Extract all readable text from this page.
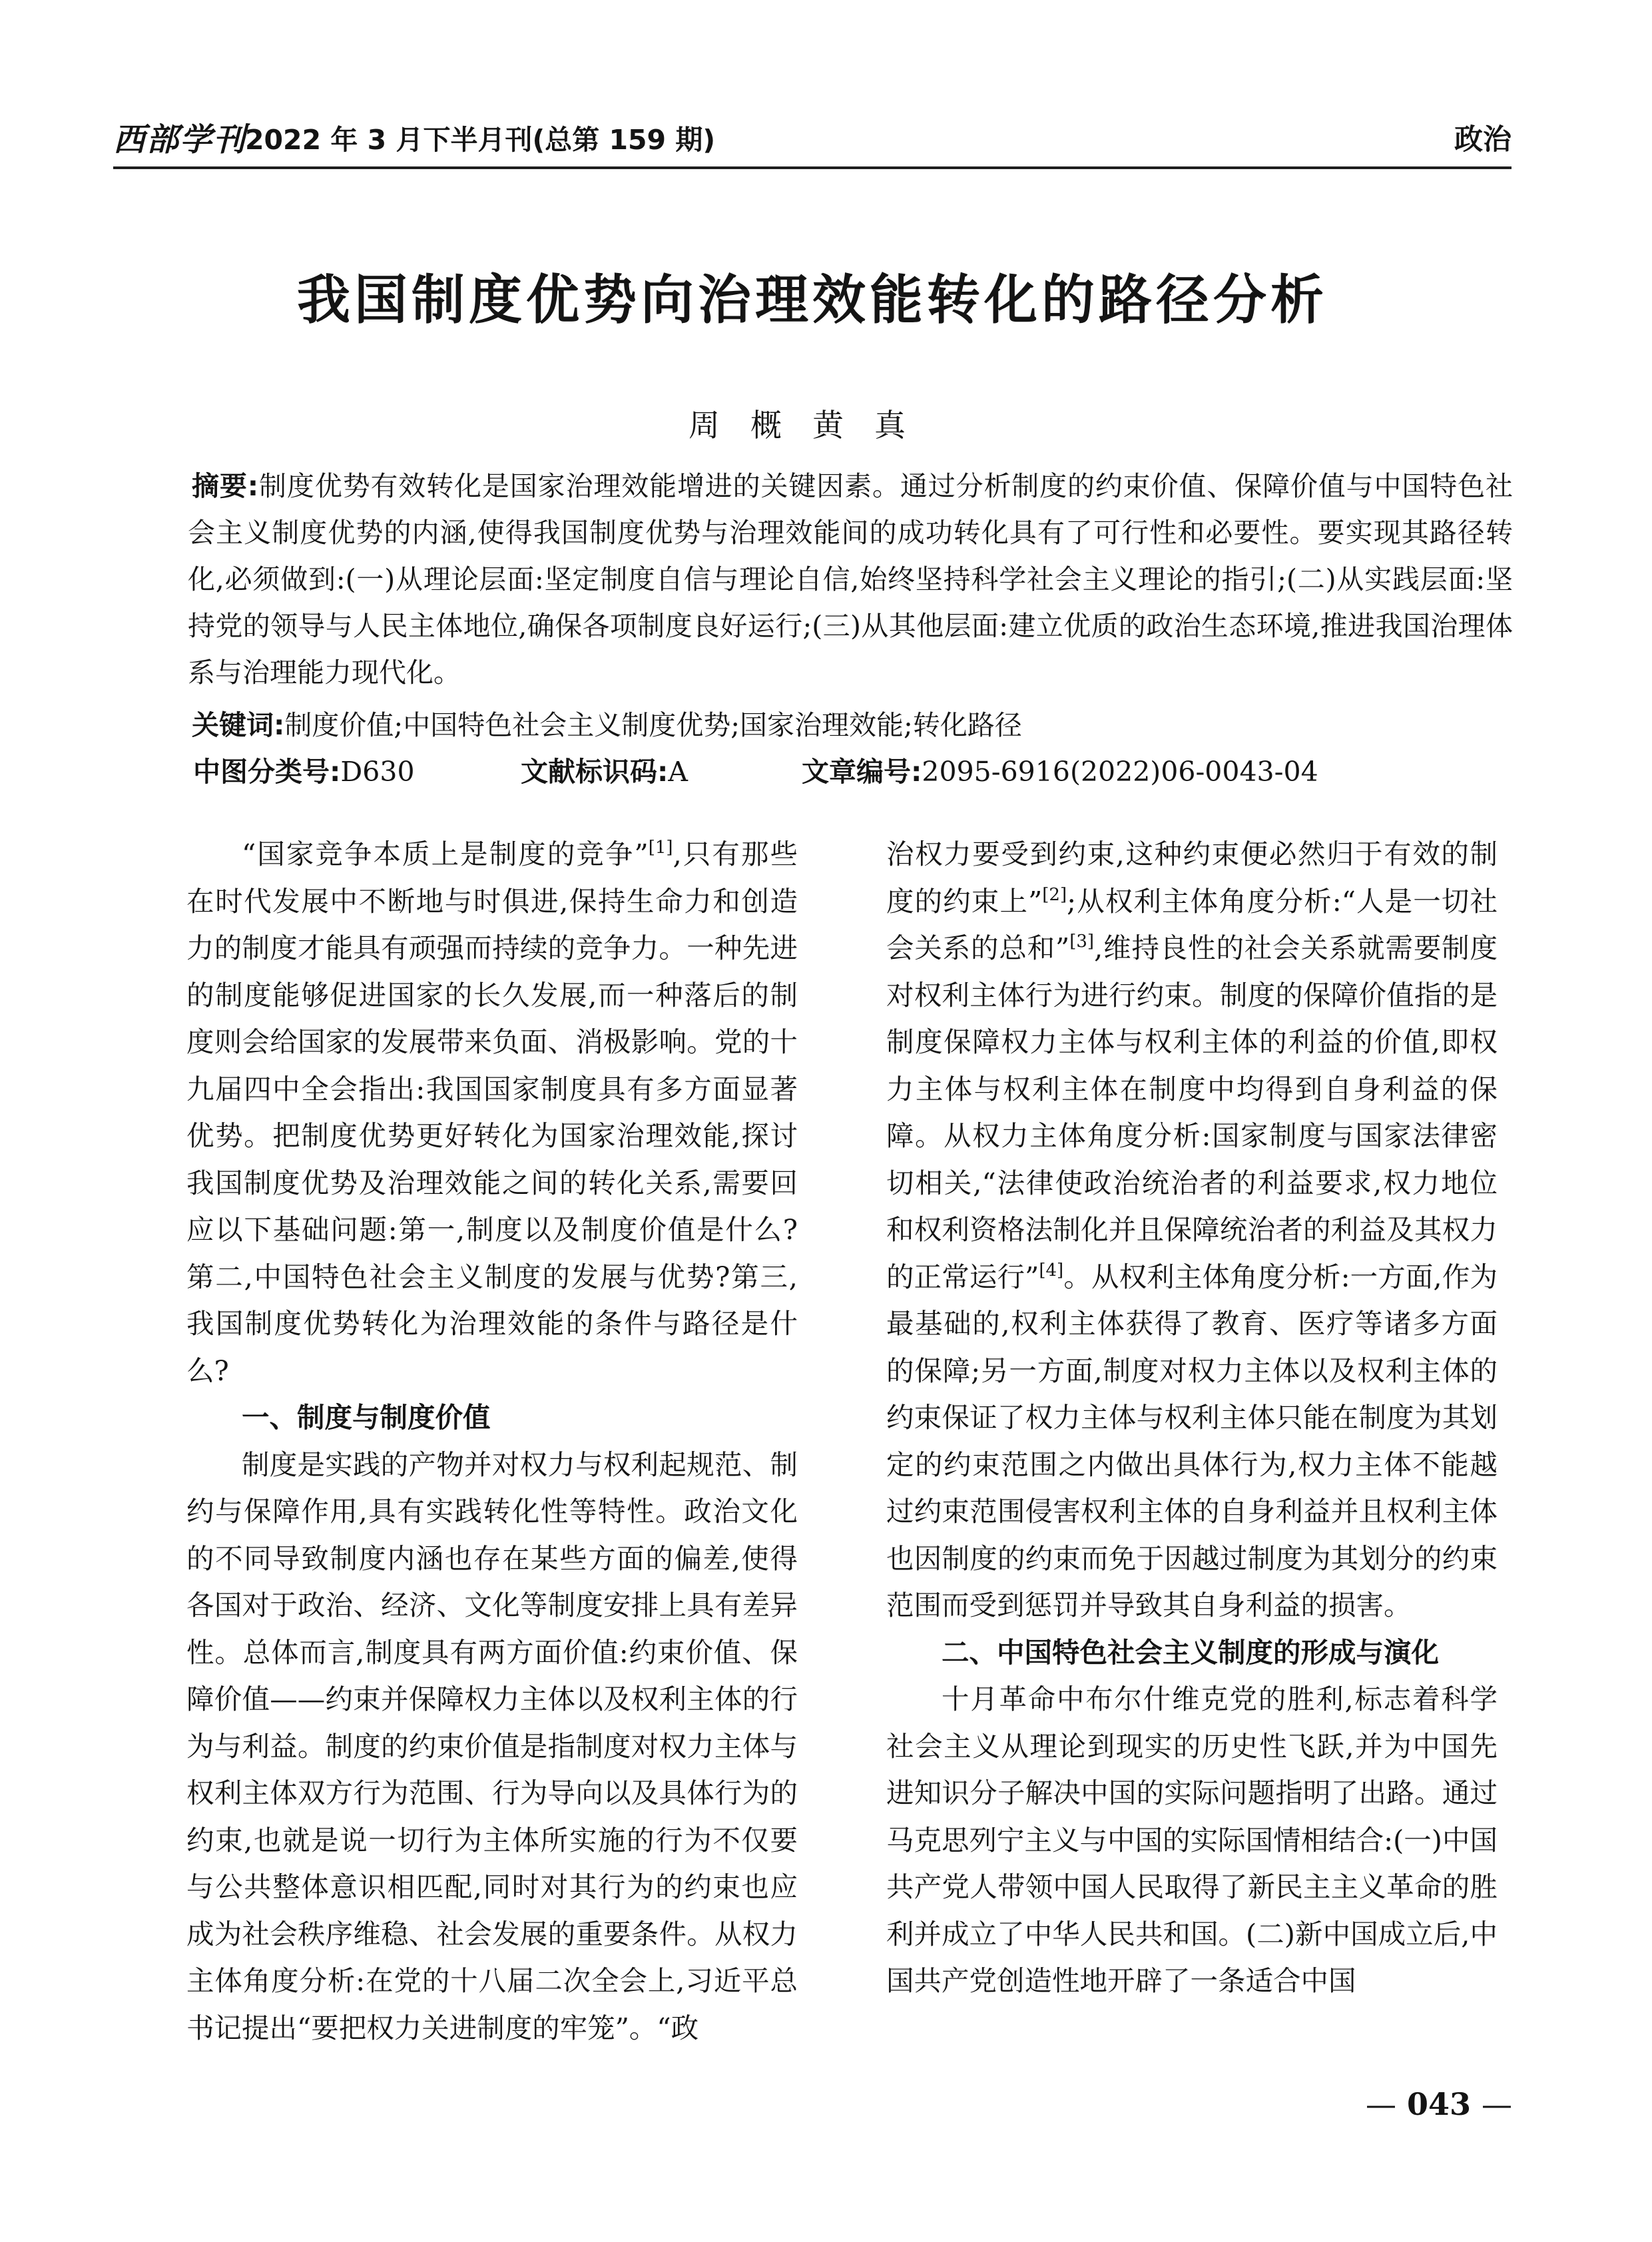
西部学刊
2022 年 3 月下半月刊(总第 159 期)	政治
我国制度优势向治理效能转化的路径分析
周概黄真
摘要:制度优势有效转化是国家治理效能增进的关键因素。通过分析制度的约束价值、保障价值与中国特色社会主义制度优势的内涵,使得我国制度优势与治理效能间的成功转化具有了可行性和必要性。要实现其路径转化,必须做到:(一)从理论层面:坚定制度自信与理论自信,始终坚持科学社会主义理论的指引;(二)从实践层面:坚持党的领导与人民主体地位,确保各项制度良好运行;(三)从其他层面:建立优质的政治生态环境,推进我国治理体系与治理能力现代化。
关键词:制度价值;中国特色社会主义制度优势;国家治理效能;转化路径
中图分类号:D630	文献标识码:A	文章编号:2095-6916(2022)06-0043-04

“国家竞争本质上是制度的竞争”[1],只有那些在时代发展中不断地与时俱进,保持生命力和创造力的制度才能具有顽强而持续的竞争力。一种先进的制度能够促进国家的长久发展,而一种落后的制度则会给国家的发展带来负面、消极影响。党的十九届四中全会指出:我国国家制度具有多方面显著优势。把制度优势更好转化为国家治理效能,探讨我国制度优势及治理效能之间的转化关系,需要回应以下基础问题:第一,制度以及制度价值是什么?第二,中国特色社会主义制度的发展与优势?第三,我国制度优势转化为治理效能的条件与路径是什么?

一、制度与制度价值

制度是实践的产物并对权力与权利起规范、制约与保障作用,具有实践转化性等特性。政治文化的不同导致制度内涵也存在某些方面的偏差,使得各国对于政治、经济、文化等制度安排上具有差异性。总体而言,制度具有两方面价值:约束价值、保障价值——约束并保障权力主体以及权利主体的行为与利益。制度的约束价值是指制度对权力主体与权利主体双方行为范围、行为导向以及具体行为的约束,也就是说一切行为主体所实施的行为不仅要与公共整体意识相匹配,同时对其行为的约束也应成为社会秩序维稳、社会发展的重要条件。从权力主体角度分析:在党的十八届二次全会上,习近平总书记提出“要把权力关进制度的牢笼”。“政

治权力要受到约束,这种约束便必然归于有效的制度的约束上”[2];从权利主体角度分析:“人是一切社会关系的总和”[3],维持良性的社会关系就需要制度对权利主体行为进行约束。制度的保障价值指的是制度保障权力主体与权利主体的利益的价值,即权力主体与权利主体在制度中均得到自身利益的保障。从权力主体角度分析:国家制度与国家法律密切相关,“法律使政治统治者的利益要求,权力地位和权利资格法制化并且保障统治者的利益及其权力的正常运行”[4]。从权利主体角度分析:一方面,作为最基础的,权利主体获得了教育、医疗等诸多方面的保障;另一方面,制度对权力主体以及权利主体的约束保证了权力主体与权利主体只能在制度为其划定的约束范围之内做出具体行为,权力主体不能越过约束范围侵害权利主体的自身利益并且权利主体也因制度的约束而免于因越过制度为其划分的约束范围而受到惩罚并导致其自身利益的损害。

二、中国特色社会主义制度的形成与演化

十月革命中布尔什维克党的胜利,标志着科学社会主义从理论到现实的历史性飞跃,并为中国先进知识分子解决中国的实际问题指明了出路。通过马克思列宁主义与中国的实际国情相结合:(一)中国共产党人带领中国人民取得了新民主主义革命的胜利并成立了中华人民共和国。(二)新中国成立后,中国共产党创造性地开辟了一条适合中国

— 043 —
